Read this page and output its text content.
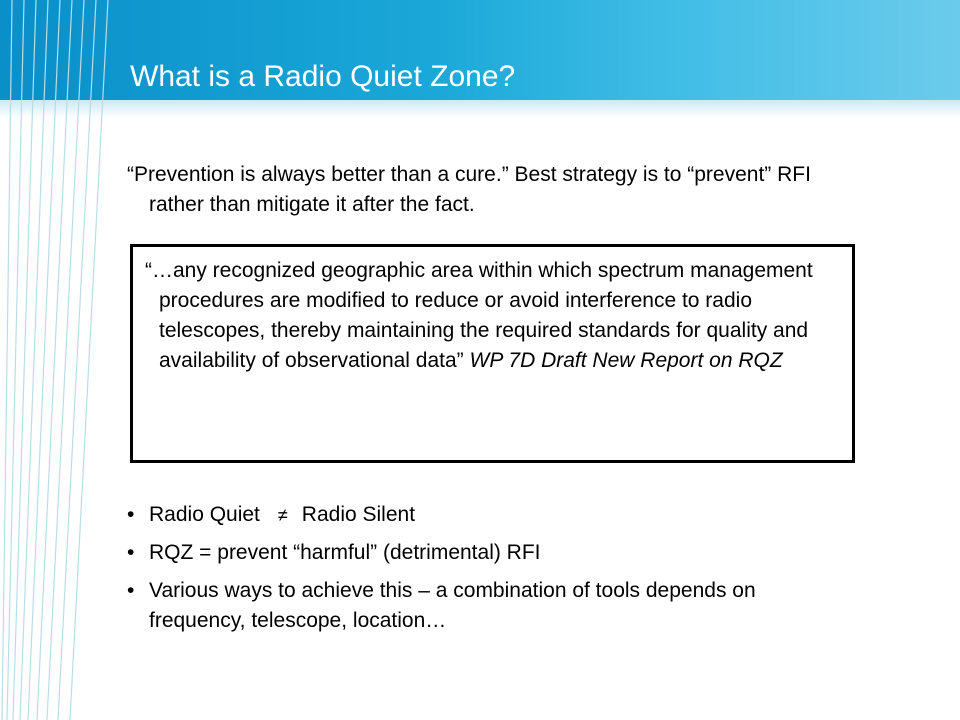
What is a Radio Quiet Zone?
“Prevention is always better than a cure.” Best strategy is to “prevent” RFI rather than mitigate it after the fact.
“…any recognized geographic area within which spectrum management procedures are modified to reduce or avoid interference to radio telescopes, thereby maintaining the required standards for quality and availability of observational data” WP 7D Draft New Report on RQZ
• Radio Quiet ≠ Radio Silent
• RQZ = prevent “harmful” (detrimental) RFI
• Various ways to achieve this – a combination of tools depends on frequency, telescope, location…
